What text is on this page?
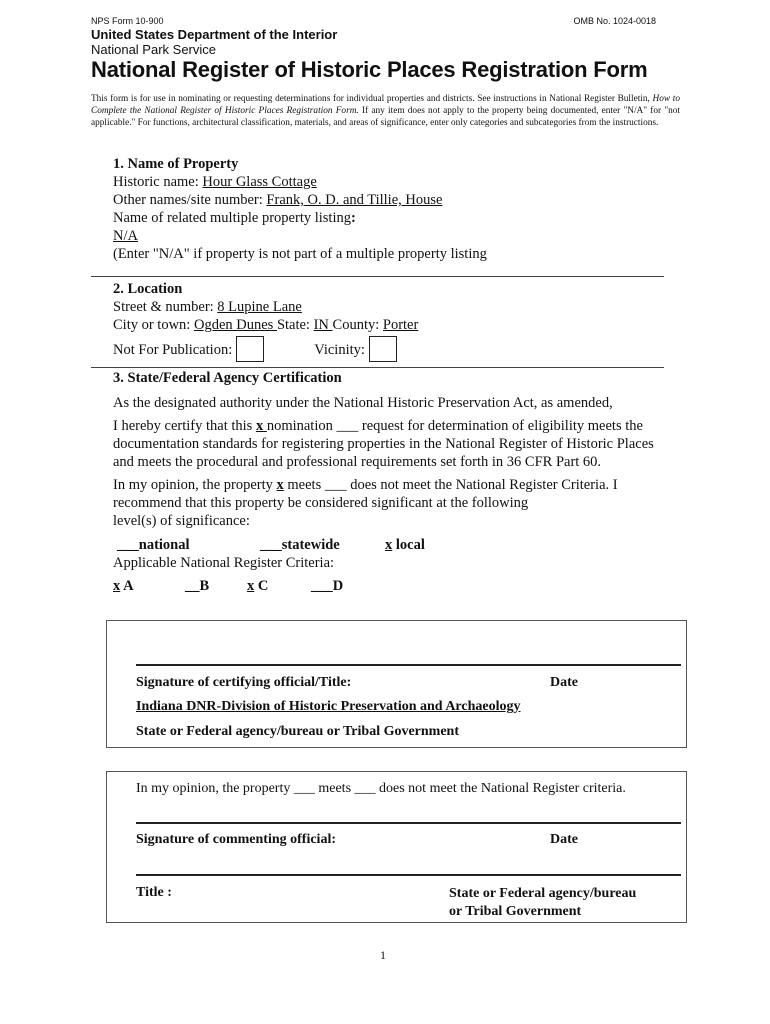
NPS Form 10-900	OMB No. 1024-0018
United States Department of the Interior
National Park Service
National Register of Historic Places Registration Form
This form is for use in nominating or requesting determinations for individual properties and districts. See instructions in National Register Bulletin, How to Complete the National Register of Historic Places Registration Form. If any item does not apply to the property being documented, enter "N/A" for "not applicable." For functions, architectural classification, materials, and areas of significance, enter only categories and subcategories from the instructions.
1. Name of Property
Historic name: Hour Glass Cottage
Other names/site number: Frank, O. D. and Tillie, House
Name of related multiple property listing:
N/A
(Enter "N/A" if property is not part of a multiple property listing
2. Location
Street & number: 8 Lupine Lane
City or town: Ogden Dunes State: IN County: Porter
Not For Publication:	Vicinity:
3. State/Federal Agency Certification
As the designated authority under the National Historic Preservation Act, as amended,
I hereby certify that this x nomination ___ request for determination of eligibility meets the
documentation standards for registering properties in the National Register of Historic Places
and meets the procedural and professional requirements set forth in 36 CFR Part 60.
In my opinion, the property x meets ___ does not meet the National Register Criteria. I
recommend that this property be considered significant at the following
level(s) of significance:
___national	___statewide	x local
Applicable National Register Criteria:
x A	__B	x C	___D
Signature of certifying official/Title:	Date
Indiana DNR-Division of Historic Preservation and Archaeology
State or Federal agency/bureau or Tribal Government
In my opinion, the property ___ meets ___ does not meet the National Register criteria.
Signature of commenting official:	Date
Title :	State or Federal agency/bureau
or Tribal Government
1
